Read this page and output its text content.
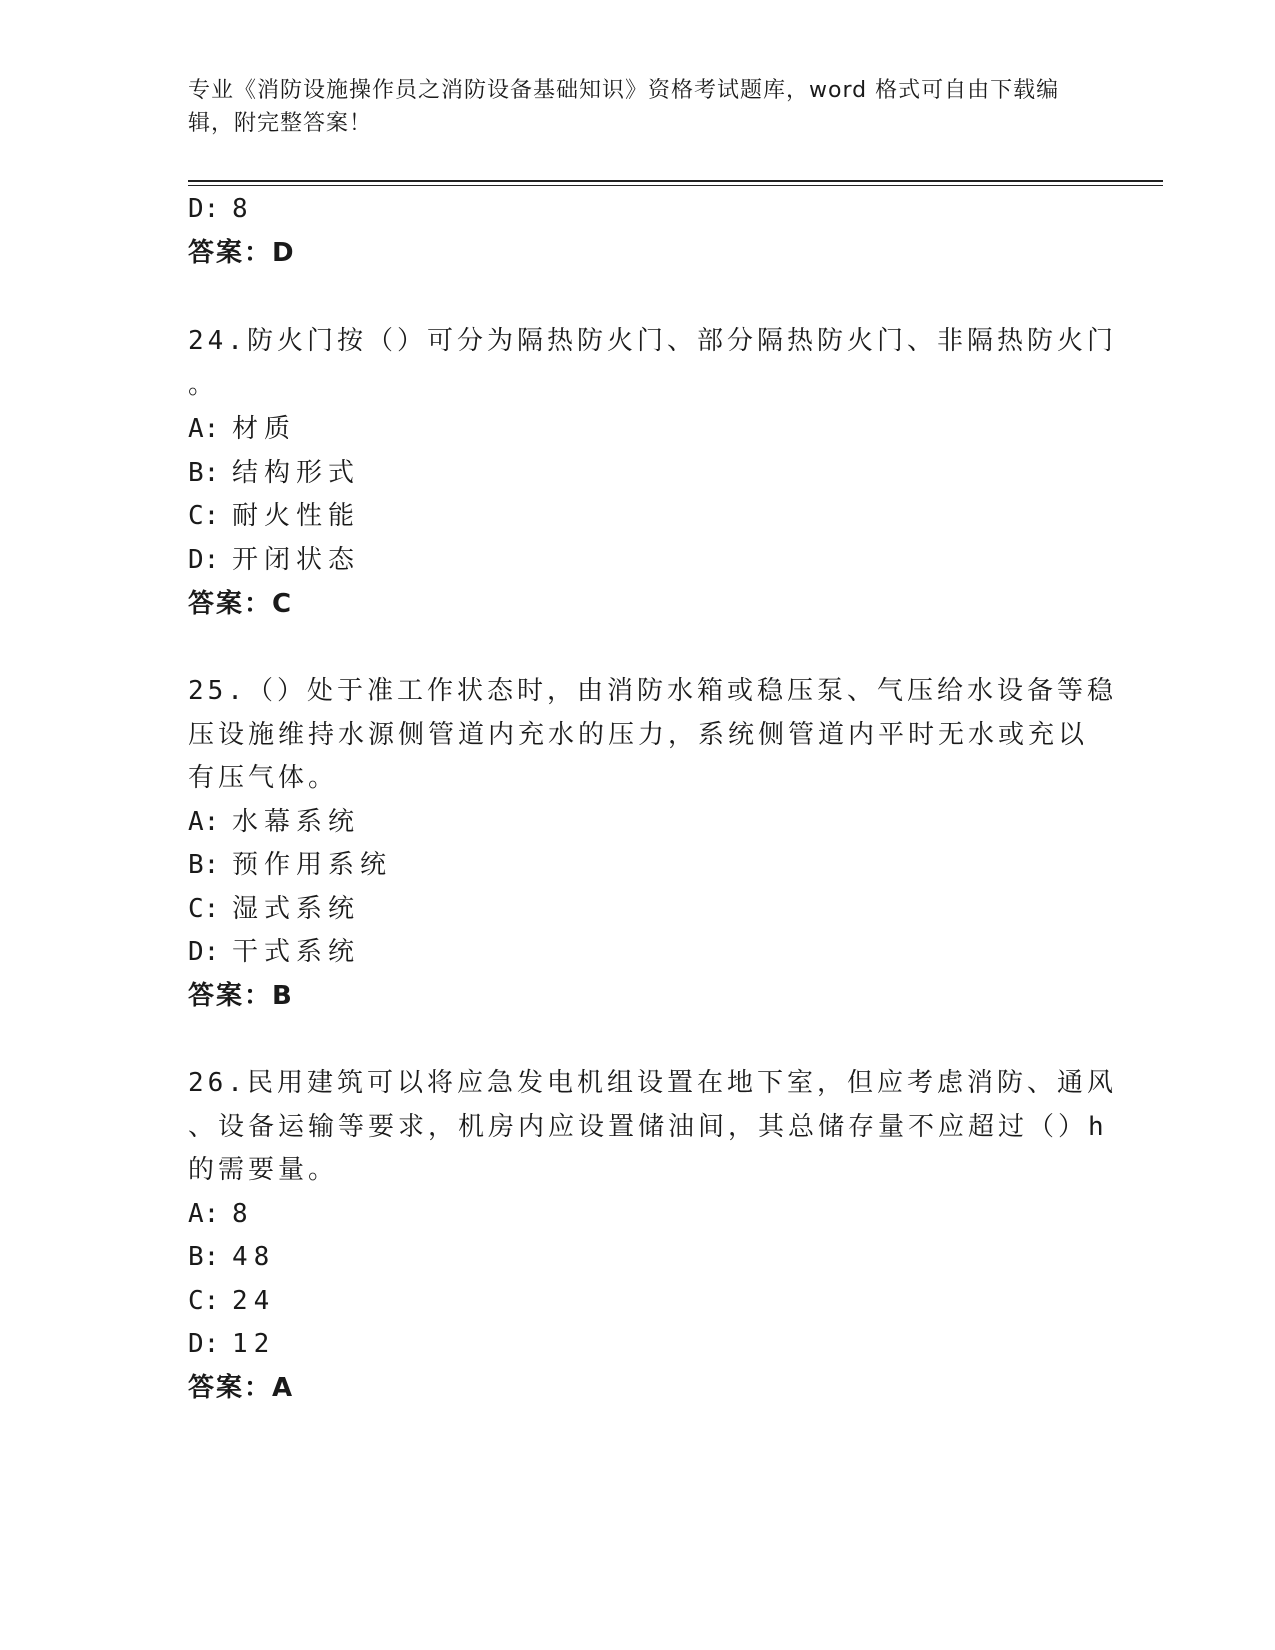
专业《消防设施操作员之消防设备基础知识》资格考试题库，word 格式可自由下载编辑，附完整答案！
D: 8
答案：D
24.防火门按（）可分为隔热防火门、部分隔热防火门、非隔热防火门
。
A: 材质
B: 结构形式
C: 耐火性能
D: 开闭状态
答案：C
25.（）处于准工作状态时，由消防水箱或稳压泵、气压给水设备等稳
压设施维持水源侧管道内充水的压力，系统侧管道内平时无水或充以
有压气体。
A: 水幕系统
B: 预作用系统
C: 湿式系统
D: 干式系统
答案：B
26.民用建筑可以将应急发电机组设置在地下室，但应考虑消防、通风
、设备运输等要求，机房内应设置储油间，其总储存量不应超过（）h
的需要量。
A: 8
B: 48
C: 24
D: 12
答案：A
